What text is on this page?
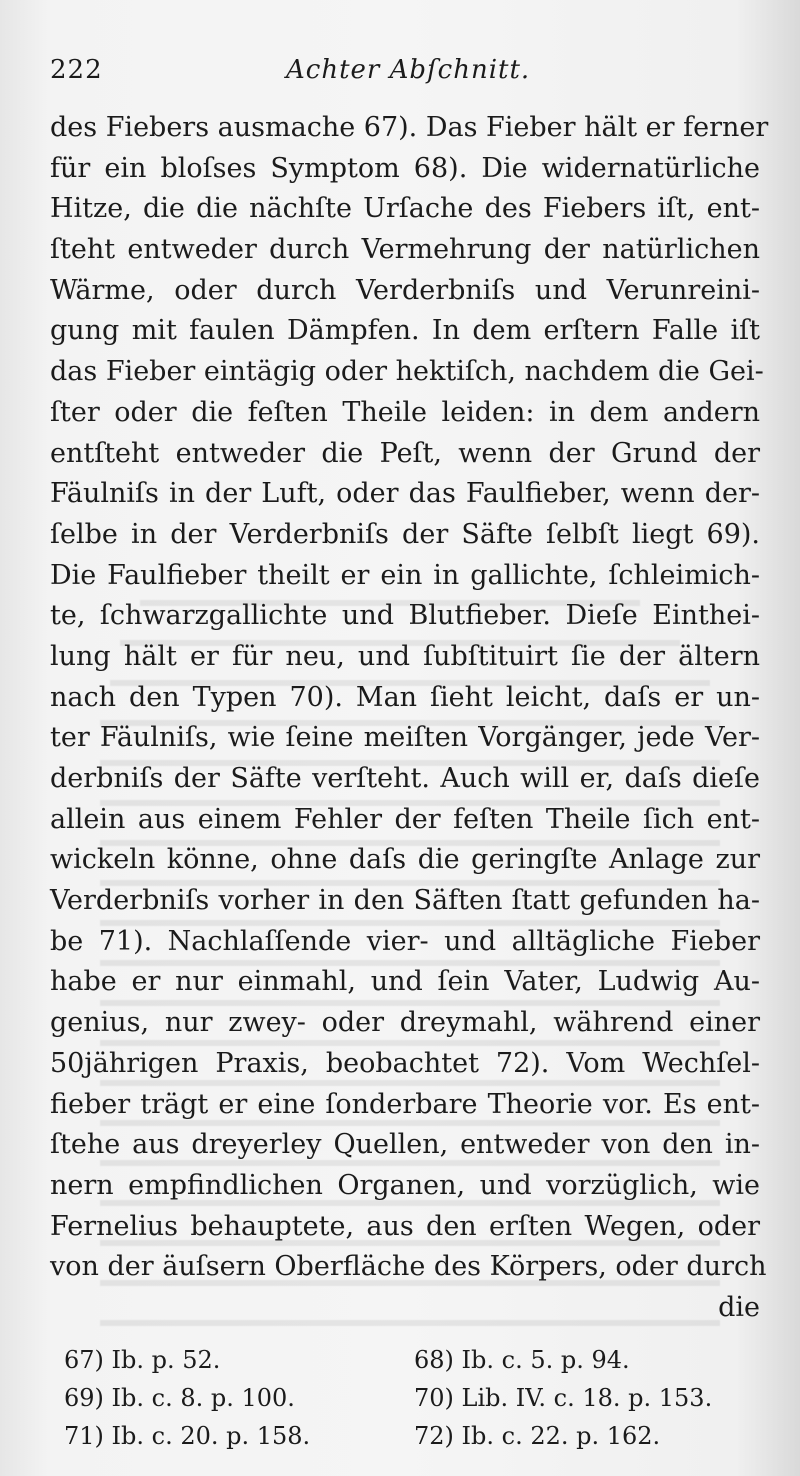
222	Achter Abſchnitt.
des Fiebers ausmache 67). Das Fieber hält er ferner
für ein bloſses Symptom 68). Die widernatürliche
Hitze, die die nächſte Urſache des Fiebers iſt, ent-
ſteht entweder durch Vermehrung der natürlichen
Wärme, oder durch Verderbniſs und Verunreini-
gung mit faulen Dämpfen. In dem erſtern Falle iſt
das Fieber eintägig oder hektiſch, nachdem die Gei-
ſter oder die feſten Theile leiden: in dem andern
entſteht entweder die Peſt, wenn der Grund der
Fäulniſs in der Luft, oder das Faulfieber, wenn der-
ſelbe in der Verderbniſs der Säfte ſelbſt liegt 69).
Die Faulfieber theilt er ein in gallichte, ſchleimich-
te, ſchwarzgallichte und Blutfieber. Dieſe Einthei-
lung hält er für neu, und ſubſtituirt ſie der ältern
nach den Typen 70). Man ſieht leicht, daſs er un-
ter Fäulniſs, wie ſeine meiſten Vorgänger, jede Ver-
derbniſs der Säfte verſteht. Auch will er, daſs dieſe
allein aus einem Fehler der feſten Theile ſich ent-
wickeln könne, ohne daſs die geringſte Anlage zur
Verderbniſs vorher in den Säften ſtatt gefunden ha-
be 71). Nachlaſſende vier- und alltägliche Fieber
habe er nur einmahl, und ſein Vater, Ludwig Au-
genius, nur zwey- oder dreymahl, während einer
50jährigen Praxis, beobachtet 72). Vom Wechſel-
fieber trägt er eine ſonderbare Theorie vor. Es ent-
ſtehe aus dreyerley Quellen, entweder von den in-
nern empfindlichen Organen, und vorzüglich, wie
Fernelius behauptete, aus den erſten Wegen, oder
von der äuſsern Oberfläche des Körpers, oder durch
die
67) Ib. p. 52.	68) Ib. c. 5. p. 94.
69) Ib. c. 8. p. 100.	70) Lib. IV. c. 18. p. 153.
71) Ib. c. 20. p. 158.	72) Ib. c. 22. p. 162.
